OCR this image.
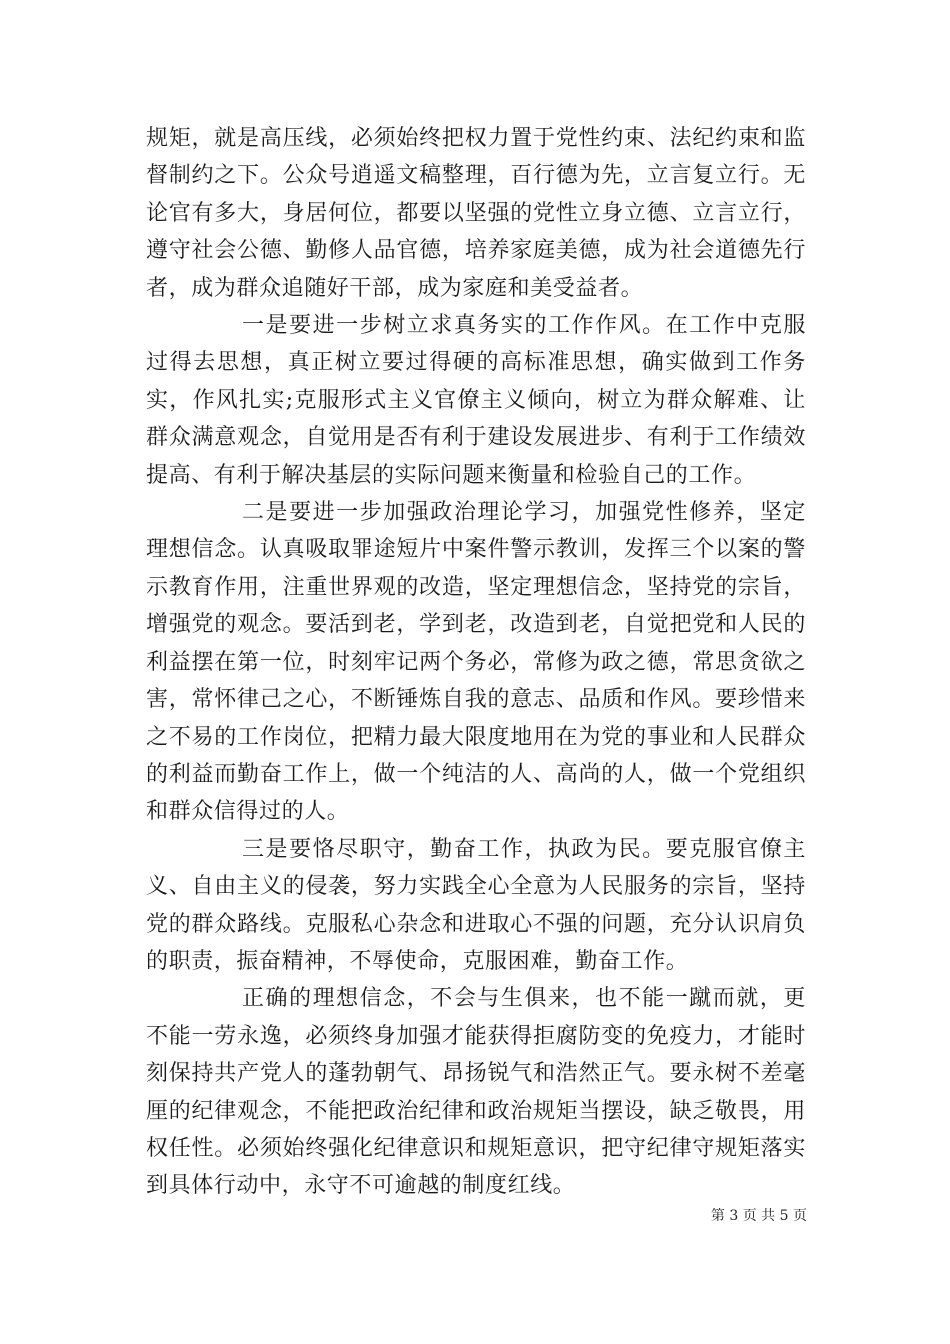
规矩，就是高压线，必须始终把权力置于党性约束、法纪约束和监督制约之下。公众号逍遥文稿整理，百行德为先，立言复立行。无论官有多大，身居何位，都要以坚强的党性立身立德、立言立行，遵守社会公德、勤修人品官德，培养家庭美德，成为社会道德先行者，成为群众追随好干部，成为家庭和美受益者。

一是要进一步树立求真务实的工作作风。在工作中克服过得去思想，真正树立要过得硬的高标准思想，确实做到工作务实，作风扎实;克服形式主义官僚主义倾向，树立为群众解难、让群众满意观念，自觉用是否有利于建设发展进步、有利于工作绩效提高、有利于解决基层的实际问题来衡量和检验自己的工作。

二是要进一步加强政治理论学习，加强党性修养，坚定理想信念。认真吸取罪途短片中案件警示教训，发挥三个以案的警示教育作用，注重世界观的改造，坚定理想信念，坚持党的宗旨，增强党的观念。要活到老，学到老，改造到老，自觉把党和人民的利益摆在第一位，时刻牢记两个务必，常修为政之德，常思贪欲之害，常怀律己之心，不断锤炼自我的意志、品质和作风。要珍惜来之不易的工作岗位，把精力最大限度地用在为党的事业和人民群众的利益而勤奋工作上，做一个纯洁的人、高尚的人，做一个党组织和群众信得过的人。

三是要恪尽职守，勤奋工作，执政为民。要克服官僚主义、自由主义的侵袭，努力实践全心全意为人民服务的宗旨，坚持党的群众路线。克服私心杂念和进取心不强的问题，充分认识肩负的职责，振奋精神，不辱使命，克服困难，勤奋工作。

正确的理想信念，不会与生俱来，也不能一蹴而就，更不能一劳永逸，必须终身加强才能获得拒腐防变的免疫力，才能时刻保持共产党人的蓬勃朝气、昂扬锐气和浩然正气。要永树不差毫厘的纪律观念，不能把政治纪律和政治规矩当摆设，缺乏敬畏，用权任性。必须始终强化纪律意识和规矩意识，把守纪律守规矩落实到具体行动中，永守不可逾越的制度红线。

第 3 页 共 5 页
